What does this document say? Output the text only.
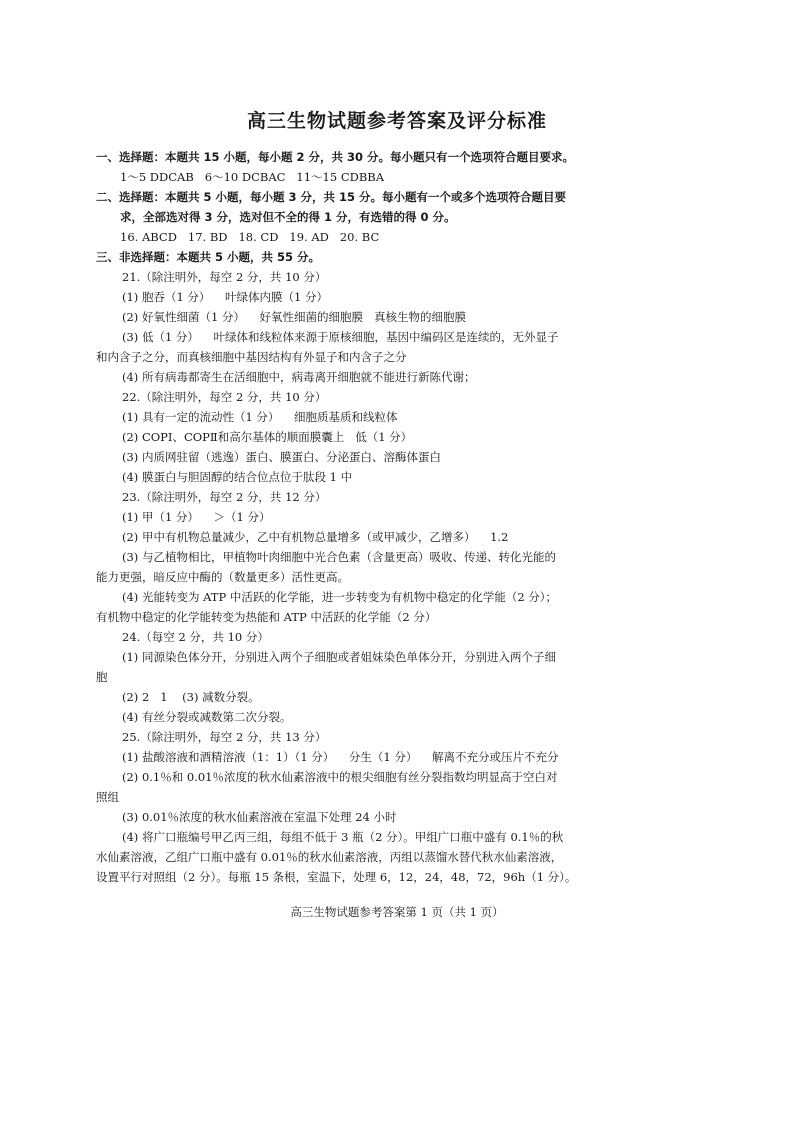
高三生物试题参考答案及评分标准
一、选择题：本题共 15 小题，每小题 2 分，共 30 分。每小题只有一个选项符合题目要求。
1～5 DDCAB   6～10 DCBAC   11～15 CDBBA
二、选择题：本题共 5 小题，每小题 3 分，共 15 分。每小题有一个或多个选项符合题目要
求，全部选对得 3 分，选对但不全的得 1 分，有选错的得 0 分。
16. ABCD   17. BD   18. CD   19. AD   20. BC
三、非选择题：本题共 5 小题，共 55 分。
21.（除注明外，每空 2 分，共 10 分）
(1) 胞吞（1 分）    叶绿体内膜（1 分）
(2) 好氧性细菌（1 分）    好氧性细菌的细胞膜   真核生物的细胞膜
(3) 低（1 分）    叶绿体和线粒体来源于原核细胞，基因中编码区是连续的，无外显子
和内含子之分，而真核细胞中基因结构有外显子和内含子之分
(4) 所有病毒都寄生在活细胞中，病毒离开细胞就不能进行新陈代谢；
22.（除注明外，每空 2 分，共 10 分）
(1) 具有一定的流动性（1 分）    细胞质基质和线粒体
(2) COPⅠ、COPⅡ和高尔基体的顺面膜囊上   低（1 分）
(3) 内质网驻留（逃逸）蛋白、膜蛋白、分泌蛋白、溶酶体蛋白
(4) 膜蛋白与胆固醇的结合位点位于肽段 1 中
23.（除注明外，每空 2 分，共 12 分）
(1) 甲（1 分）    ＞（1 分）
(2) 甲中有机物总量减少，乙中有机物总量增多（或甲减少，乙增多）    1.2
(3) 与乙植物相比，甲植物叶肉细胞中光合色素（含量更高）吸收、传递、转化光能的
能力更强，暗反应中酶的（数量更多）活性更高。
(4) 光能转变为 ATP 中活跃的化学能，进一步转变为有机物中稳定的化学能（2 分）；
有机物中稳定的化学能转变为热能和 ATP 中活跃的化学能（2 分）
24.（每空 2 分，共 10 分）
(1) 同源染色体分开，分别进入两个子细胞或者姐妹染色单体分开，分别进入两个子细
胞
(2) 2   1    (3) 减数分裂。
(4) 有丝分裂或减数第二次分裂。
25.（除注明外，每空 2 分，共 13 分）
(1) 盐酸溶液和酒精溶液（1：1）（1 分）    分生（1 分）    解离不充分或压片不充分
(2) 0.1％和 0.01％浓度的秋水仙素溶液中的根尖细胞有丝分裂指数均明显高于空白对
照组
(3) 0.01％浓度的秋水仙素溶液在室温下处理 24 小时
(4) 将广口瓶编号甲乙丙三组，每组不低于 3 瓶（2 分）。甲组广口瓶中盛有 0.1％的秋
水仙素溶液，乙组广口瓶中盛有 0.01％的秋水仙素溶液，丙组以蒸馏水替代秋水仙素溶液，
设置平行对照组（2 分）。每瓶 15 条根，室温下，处理 6，12，24，48，72，96h（1 分）。
高三生物试题参考答案第 1 页（共 1 页）
